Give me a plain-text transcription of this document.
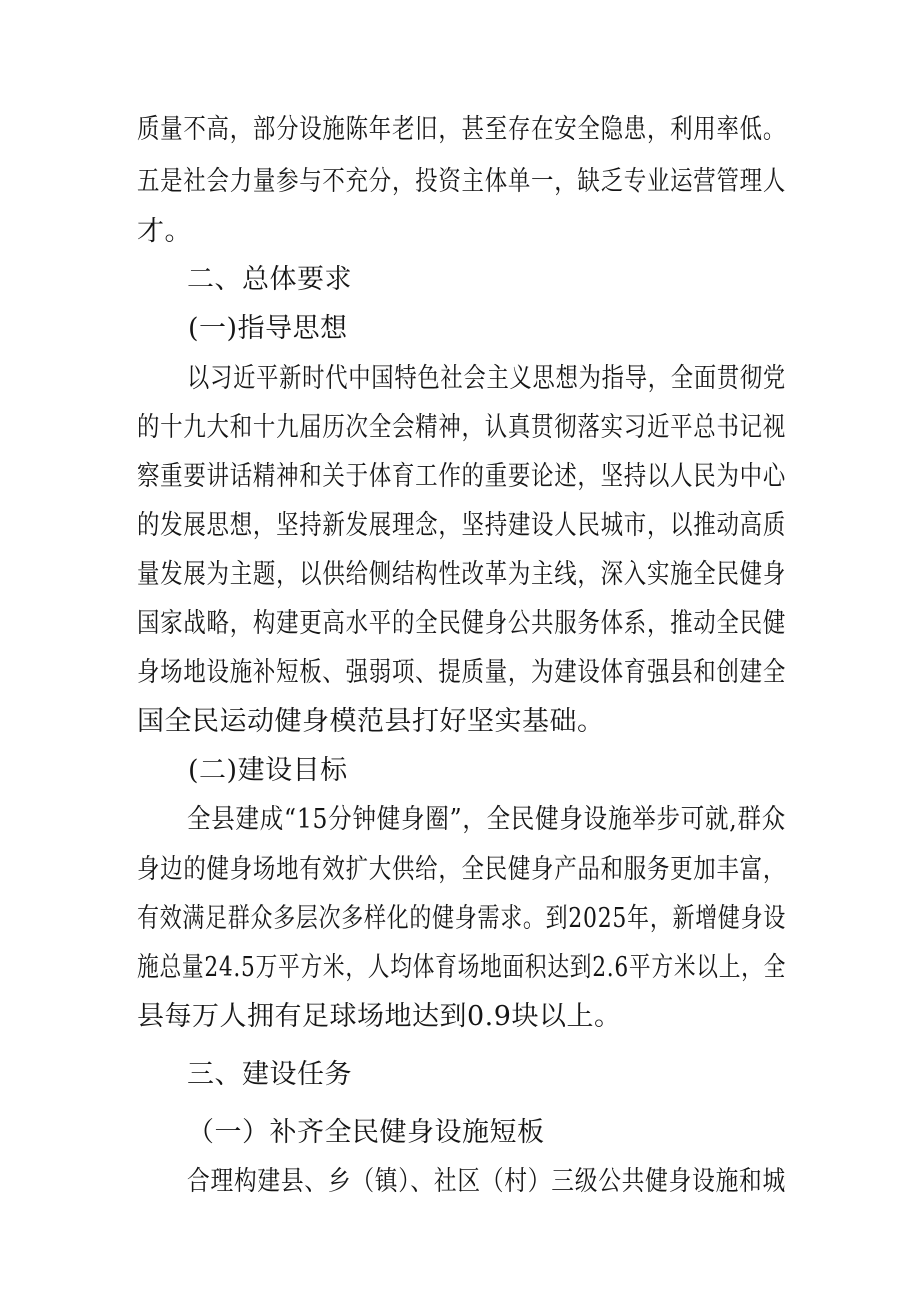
质量不高，部分设施陈年老旧，甚至存在安全隐患，利用率低。
五是社会力量参与不充分，投资主体单一，缺乏专业运营管理人
才。
二、总体要求
(一)指导思想
以习近平新时代中国特色社会主义思想为指导，全面贯彻党
的十九大和十九届历次全会精神，认真贯彻落实习近平总书记视
察重要讲话精神和关于体育工作的重要论述，坚持以人民为中心
的发展思想，坚持新发展理念，坚持建设人民城市，以推动高质
量发展为主题，以供给侧结构性改革为主线，深入实施全民健身
国家战略，构建更高水平的全民健身公共服务体系，推动全民健
身场地设施补短板、强弱项、提质量，为建设体育强县和创建全
国全民运动健身模范县打好坚实基础。
(二)建设目标
全县建成“15分钟健身圈”，全民健身设施举步可就,群众
身边的健身场地有效扩大供给，全民健身产品和服务更加丰富，
有效满足群众多层次多样化的健身需求。到2025年，新增健身设
施总量24.5万平方米，人均体育场地面积达到2.6平方米以上，全
县每万人拥有足球场地达到0.9块以上。
三、建设任务
（一）补齐全民健身设施短板
合理构建县、乡（镇）、社区（村）三级公共健身设施和城
